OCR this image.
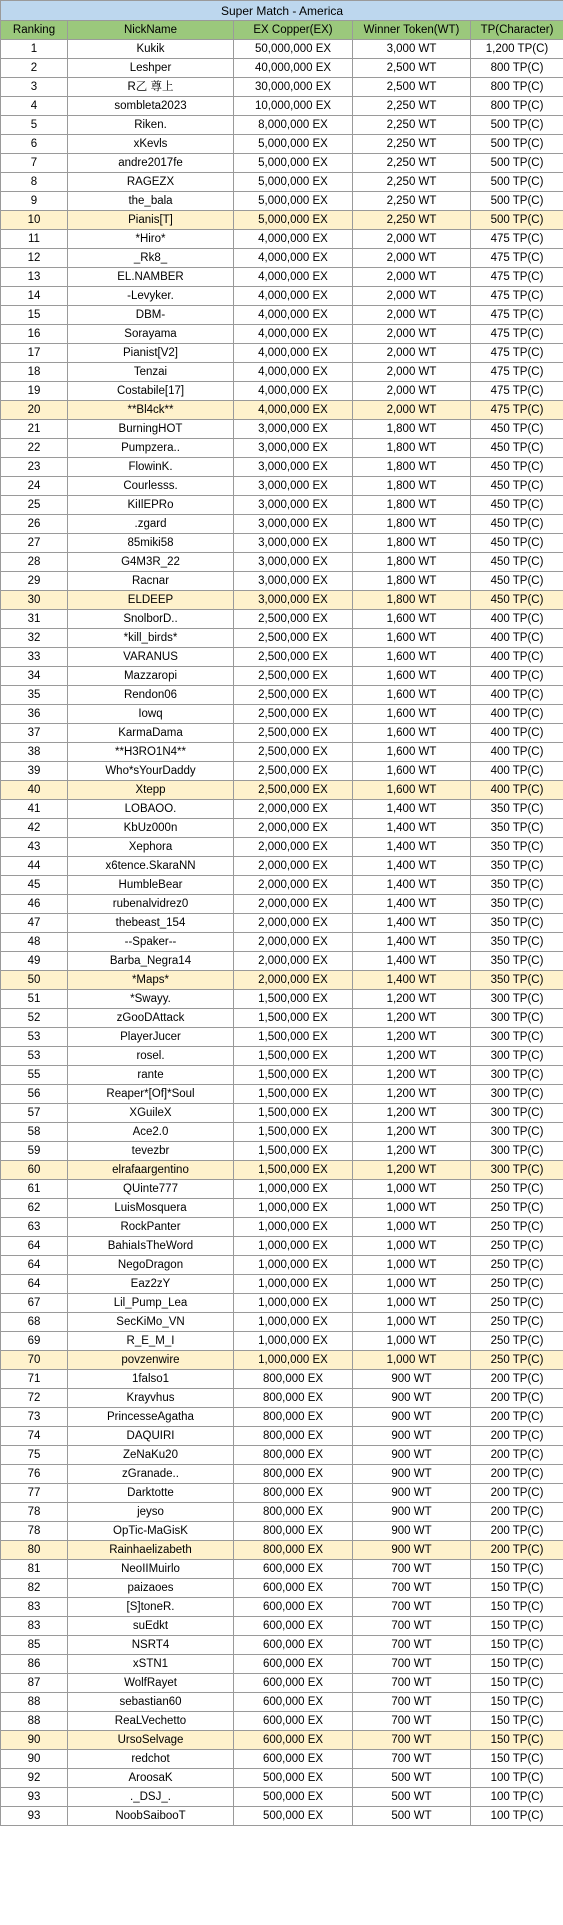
Super Match - America				
Ranking	NickName	EX Copper(EX)	Winner Token(WT)	TP(Character)
1	Kukik	50,000,000 EX	3,000 WT	1,200 TP(C)
2	Leshper	40,000,000 EX	2,500 WT	800 TP(C)
3	R乙 尊上	30,000,000 EX	2,500 WT	800 TP(C)
4	sombleta2023	10,000,000 EX	2,250 WT	800 TP(C)
5	Riken.	8,000,000 EX	2,250 WT	500 TP(C)
6	xKevls	5,000,000 EX	2,250 WT	500 TP(C)
7	andre2017fe	5,000,000 EX	2,250 WT	500 TP(C)
8	RAGEZX	5,000,000 EX	2,250 WT	500 TP(C)
9	the_bala	5,000,000 EX	2,250 WT	500 TP(C)
10	Pianis[T]	5,000,000 EX	2,250 WT	500 TP(C)
11	*Hiro*	4,000,000 EX	2,000 WT	475 TP(C)
12	_Rk8_	4,000,000 EX	2,000 WT	475 TP(C)
13	EL.NAMBER	4,000,000 EX	2,000 WT	475 TP(C)
14	-Levyker.	4,000,000 EX	2,000 WT	475 TP(C)
15	DBM-	4,000,000 EX	2,000 WT	475 TP(C)
16	Sorayama	4,000,000 EX	2,000 WT	475 TP(C)
17	Pianist[V2]	4,000,000 EX	2,000 WT	475 TP(C)
18	Tenzai	4,000,000 EX	2,000 WT	475 TP(C)
19	Costabile[17]	4,000,000 EX	2,000 WT	475 TP(C)
20	**Bl4ck**	4,000,000 EX	2,000 WT	475 TP(C)
21	BurningHOT	3,000,000 EX	1,800 WT	450 TP(C)
22	Pumpzera..	3,000,000 EX	1,800 WT	450 TP(C)
23	FlowinK.	3,000,000 EX	1,800 WT	450 TP(C)
24	Courlesss.	3,000,000 EX	1,800 WT	450 TP(C)
25	KiIlEPRo	3,000,000 EX	1,800 WT	450 TP(C)
26	.zgard	3,000,000 EX	1,800 WT	450 TP(C)
27	85miki58	3,000,000 EX	1,800 WT	450 TP(C)
28	G4M3R_22	3,000,000 EX	1,800 WT	450 TP(C)
29	Racnar	3,000,000 EX	1,800 WT	450 TP(C)
30	ELDEEP	3,000,000 EX	1,800 WT	450 TP(C)
31	SnolborD..	2,500,000 EX	1,600 WT	400 TP(C)
32	*kill_birds*	2,500,000 EX	1,600 WT	400 TP(C)
33	VARANUS	2,500,000 EX	1,600 WT	400 TP(C)
34	Mazzaropi	2,500,000 EX	1,600 WT	400 TP(C)
35	Rendon06	2,500,000 EX	1,600 WT	400 TP(C)
36	Iowq	2,500,000 EX	1,600 WT	400 TP(C)
37	KarmaDama	2,500,000 EX	1,600 WT	400 TP(C)
38	**H3RO1N4**	2,500,000 EX	1,600 WT	400 TP(C)
39	Who*sYourDaddy	2,500,000 EX	1,600 WT	400 TP(C)
40	Xtepp	2,500,000 EX	1,600 WT	400 TP(C)
41	LOBAOO.	2,000,000 EX	1,400 WT	350 TP(C)
42	KbUz000n	2,000,000 EX	1,400 WT	350 TP(C)
43	Xephora	2,000,000 EX	1,400 WT	350 TP(C)
44	x6tence.SkaraNN	2,000,000 EX	1,400 WT	350 TP(C)
45	HumbleBear	2,000,000 EX	1,400 WT	350 TP(C)
46	rubenalvidrez0	2,000,000 EX	1,400 WT	350 TP(C)
47	thebeast_154	2,000,000 EX	1,400 WT	350 TP(C)
48	--Spaker--	2,000,000 EX	1,400 WT	350 TP(C)
49	Barba_Negra14	2,000,000 EX	1,400 WT	350 TP(C)
50	*Maps*	2,000,000 EX	1,400 WT	350 TP(C)
51	*Swayy.	1,500,000 EX	1,200 WT	300 TP(C)
52	zGooDAttack	1,500,000 EX	1,200 WT	300 TP(C)
53	PlayerJucer	1,500,000 EX	1,200 WT	300 TP(C)
53	rosel.	1,500,000 EX	1,200 WT	300 TP(C)
55	rante	1,500,000 EX	1,200 WT	300 TP(C)
56	Reaper*[Of]*Soul	1,500,000 EX	1,200 WT	300 TP(C)
57	XGuileX	1,500,000 EX	1,200 WT	300 TP(C)
58	Ace2.0	1,500,000 EX	1,200 WT	300 TP(C)
59	tevezbr	1,500,000 EX	1,200 WT	300 TP(C)
60	elrafaargentino	1,500,000 EX	1,200 WT	300 TP(C)
61	QUinte777	1,000,000 EX	1,000 WT	250 TP(C)
62	LuisMosquera	1,000,000 EX	1,000 WT	250 TP(C)
63	RockPanter	1,000,000 EX	1,000 WT	250 TP(C)
64	BahiaIsTheWord	1,000,000 EX	1,000 WT	250 TP(C)
64	NegoDragon	1,000,000 EX	1,000 WT	250 TP(C)
64	Eaz2zY	1,000,000 EX	1,000 WT	250 TP(C)
67	Lil_Pump_Lea	1,000,000 EX	1,000 WT	250 TP(C)
68	SecKiMo_VN	1,000,000 EX	1,000 WT	250 TP(C)
69	R_E_M_I	1,000,000 EX	1,000 WT	250 TP(C)
70	povzenwire	1,000,000 EX	1,000 WT	250 TP(C)
71	1falso1	800,000 EX	900 WT	200 TP(C)
72	Krayvhus	800,000 EX	900 WT	200 TP(C)
73	PrincesseAgatha	800,000 EX	900 WT	200 TP(C)
74	DAQUIRI	800,000 EX	900 WT	200 TP(C)
75	ZeNaKu20	800,000 EX	900 WT	200 TP(C)
76	zGranade..	800,000 EX	900 WT	200 TP(C)
77	Darktotte	800,000 EX	900 WT	200 TP(C)
78	jeyso	800,000 EX	900 WT	200 TP(C)
78	OpTic-MaGisK	800,000 EX	900 WT	200 TP(C)
80	Rainhaelizabeth	800,000 EX	900 WT	200 TP(C)
81	NeoIIMuirlo	600,000 EX	700 WT	150 TP(C)
82	paizaoes	600,000 EX	700 WT	150 TP(C)
83	[S]toneR.	600,000 EX	700 WT	150 TP(C)
83	suEdkt	600,000 EX	700 WT	150 TP(C)
85	NSRT4	600,000 EX	700 WT	150 TP(C)
86	xSTN1	600,000 EX	700 WT	150 TP(C)
87	WolfRayet	600,000 EX	700 WT	150 TP(C)
88	sebastian60	600,000 EX	700 WT	150 TP(C)
88	ReaLVechetto	600,000 EX	700 WT	150 TP(C)
90	UrsoSelvage	600,000 EX	700 WT	150 TP(C)
90	redchot	600,000 EX	700 WT	150 TP(C)
92	AroosaK	500,000 EX	500 WT	100 TP(C)
93	._DSJ_.	500,000 EX	500 WT	100 TP(C)
93	NoobSaibooT	500,000 EX	500 WT	100 TP(C)
